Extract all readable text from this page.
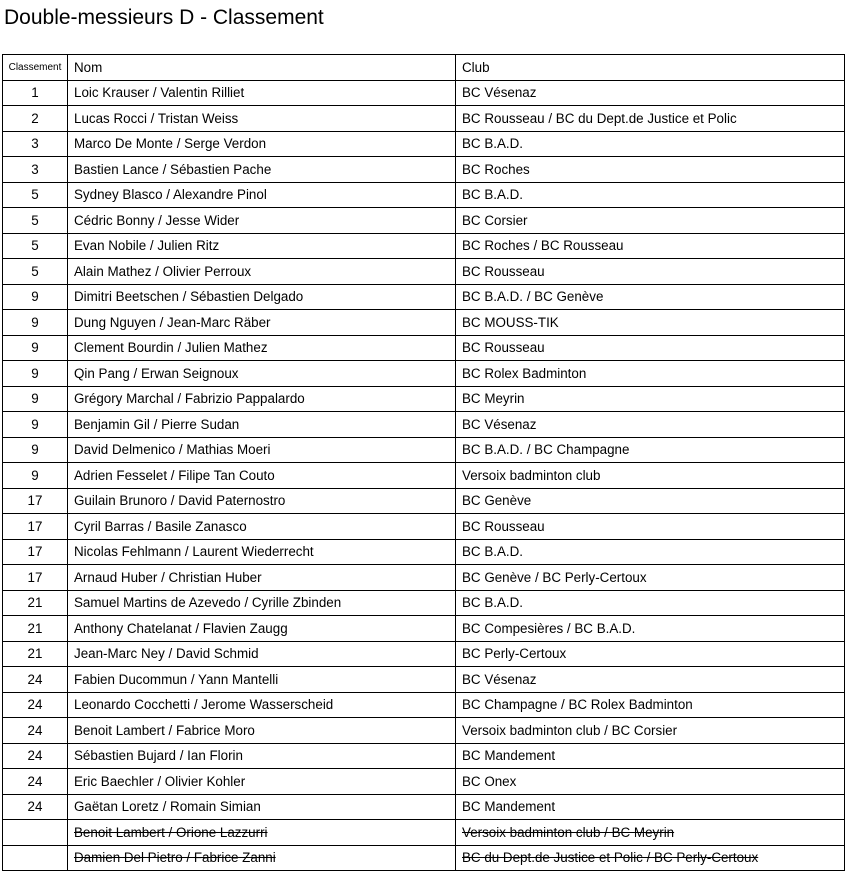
Double-messieurs D - Classement
Classement	Nom	Club
1	Loic Krauser / Valentin Rilliet	BC Vésenaz
2	Lucas Rocci / Tristan Weiss	BC Rousseau / BC du Dept.de Justice et Polic
3	Marco De Monte / Serge Verdon	BC B.A.D.
3	Bastien Lance / Sébastien Pache	BC Roches
5	Sydney Blasco / Alexandre Pinol	BC B.A.D.
5	Cédric Bonny / Jesse Wider	BC Corsier
5	Evan Nobile / Julien Ritz	BC Roches / BC Rousseau
5	Alain Mathez / Olivier Perroux	BC Rousseau
9	Dimitri Beetschen / Sébastien Delgado	BC B.A.D. / BC Genève
9	Dung Nguyen / Jean-Marc Räber	BC MOUSS-TIK
9	Clement Bourdin / Julien Mathez	BC Rousseau
9	Qin Pang / Erwan Seignoux	BC Rolex Badminton
9	Grégory Marchal / Fabrizio Pappalardo	BC Meyrin
9	Benjamin Gil / Pierre Sudan	BC Vésenaz
9	David Delmenico / Mathias Moeri	BC B.A.D. / BC Champagne
9	Adrien Fesselet / Filipe Tan Couto	Versoix badminton club
17	Guilain Brunoro / David Paternostro	BC Genève
17	Cyril Barras / Basile Zanasco	BC Rousseau
17	Nicolas Fehlmann / Laurent Wiederrecht	BC B.A.D.
17	Arnaud Huber / Christian Huber	BC Genève / BC Perly-Certoux
21	Samuel Martins de Azevedo / Cyrille Zbinden	BC B.A.D.
21	Anthony Chatelanat / Flavien Zaugg	BC Compesières / BC B.A.D.
21	Jean-Marc Ney / David Schmid	BC Perly-Certoux
24	Fabien Ducommun / Yann Mantelli	BC Vésenaz
24	Leonardo Cocchetti / Jerome Wasserscheid	BC Champagne / BC Rolex Badminton
24	Benoit Lambert / Fabrice Moro	Versoix badminton club / BC Corsier
24	Sébastien Bujard / Ian Florin	BC Mandement
24	Eric Baechler / Olivier Kohler	BC Onex
24	Gaëtan Loretz / Romain Simian	BC Mandement
	Benoit Lambert / Orione Lazzurri	Versoix badminton club / BC Meyrin
	Damien Del Pietro / Fabrice Zanni	BC du Dept.de Justice et Polic / BC Perly-Certoux
